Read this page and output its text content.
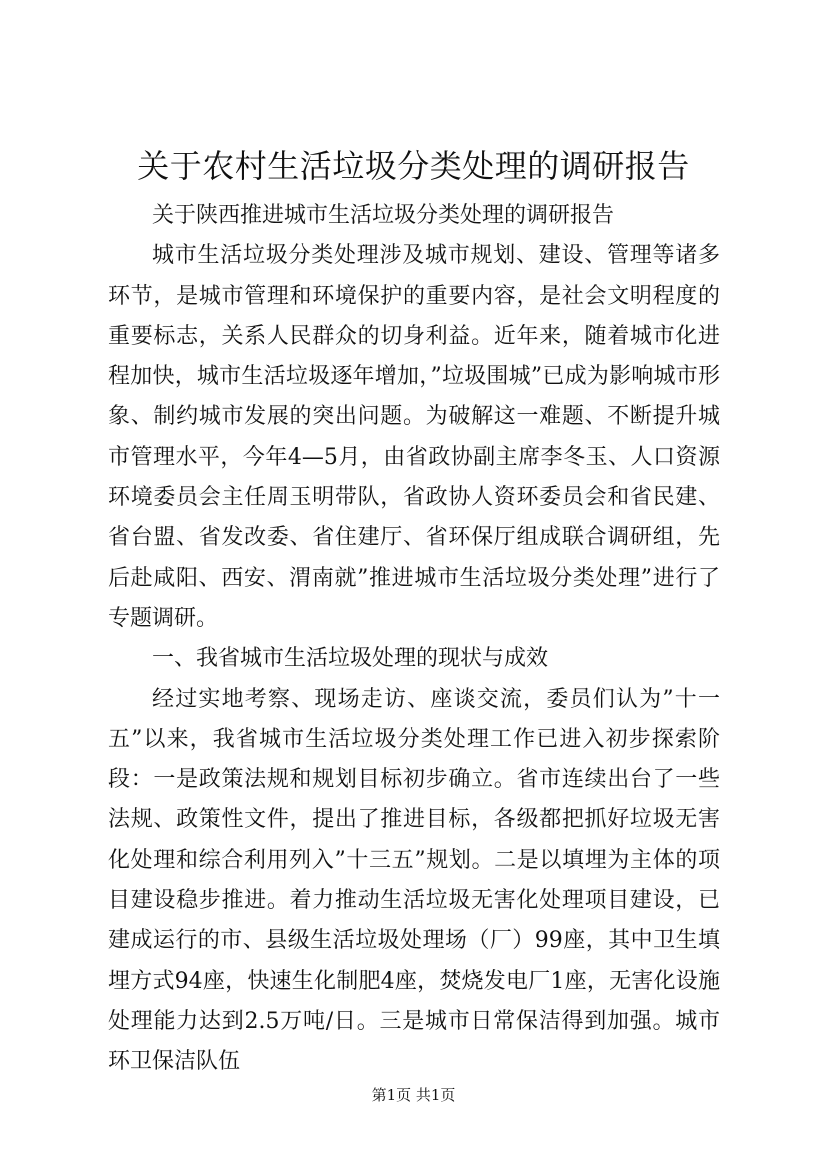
关于农村生活垃圾分类处理的调研报告

关于陕西推进城市生活垃圾分类处理的调研报告

城市生活垃圾分类处理涉及城市规划、建设、管理等诸多环节，是城市管理和环境保护的重要内容，是社会文明程度的重要标志，关系人民群众的切身利益。近年来，随着城市化进程加快，城市生活垃圾逐年增加，”垃圾围城”已成为影响城市形象、制约城市发展的突出问题。为破解这一难题、不断提升城市管理水平，今年4—5月，由省政协副主席李冬玉、人口资源环境委员会主任周玉明带队，省政协人资环委员会和省民建、省台盟、省发改委、省住建厅、省环保厅组成联合调研组，先后赴咸阳、西安、渭南就”推进城市生活垃圾分类处理”进行了专题调研。

一、我省城市生活垃圾处理的现状与成效

经过实地考察、现场走访、座谈交流，委员们认为”十一五”以来，我省城市生活垃圾分类处理工作已进入初步探索阶段：一是政策法规和规划目标初步确立。省市连续出台了一些法规、政策性文件，提出了推进目标，各级都把抓好垃圾无害化处理和综合利用列入”十三五”规划。二是以填埋为主体的项目建设稳步推进。着力推动生活垃圾无害化处理项目建设，已建成运行的市、县级生活垃圾处理场（厂）99座，其中卫生填埋方式94座，快速生化制肥4座，焚烧发电厂1座，无害化设施处理能力达到2.5万吨/日。三是城市日常保洁得到加强。城市环卫保洁队伍

第1页 共1页
